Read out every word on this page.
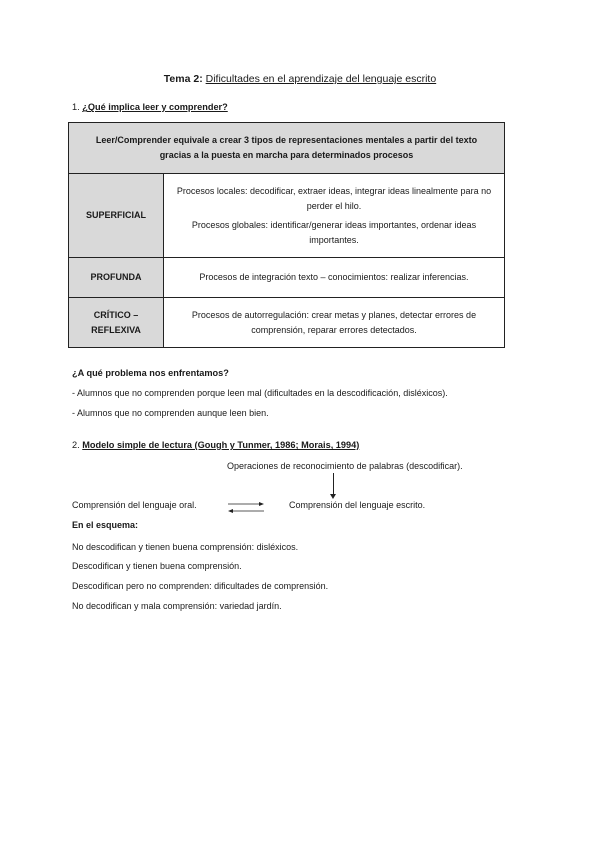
Tema 2: Dificultades en el aprendizaje del lenguaje escrito
1. ¿Qué implica leer y comprender?
Leer/Comprender equivale a crear 3 tipos de representaciones mentales a partir del texto gracias a la puesta en marcha para determinados procesos	
SUPERFICIAL	Procesos locales: decodificar, extraer ideas, integrar ideas linealmente para no perder el hilo.

Procesos globales: identificar/generar ideas importantes, ordenar ideas importantes.

PROFUNDA	Procesos de integración texto – conocimientos: realizar inferencias.

CRÍTICO – REFLEXIVA	Procesos de autorregulación: crear metas y planes, detectar errores de comprensión, reparar errores detectados.

¿A qué problema nos enfrentamos?
- Alumnos que no comprenden porque leen mal (dificultades en la descodificación, disléxicos).
- Alumnos que no comprenden aunque leen bien.
2. Modelo simple de lectura (Gough y Tunmer, 1986; Morais, 1994)
Operaciones de reconocimiento de palabras (descodificar).
Comprensión del lenguaje oral.	Comprensión del lenguaje escrito.
En el esquema:
No descodifican y tienen buena comprensión: disléxicos.
Descodifican y tienen buena comprensión.
Descodifican pero no comprenden: dificultades de comprensión.
No decodifican y mala comprensión: variedad jardín.
